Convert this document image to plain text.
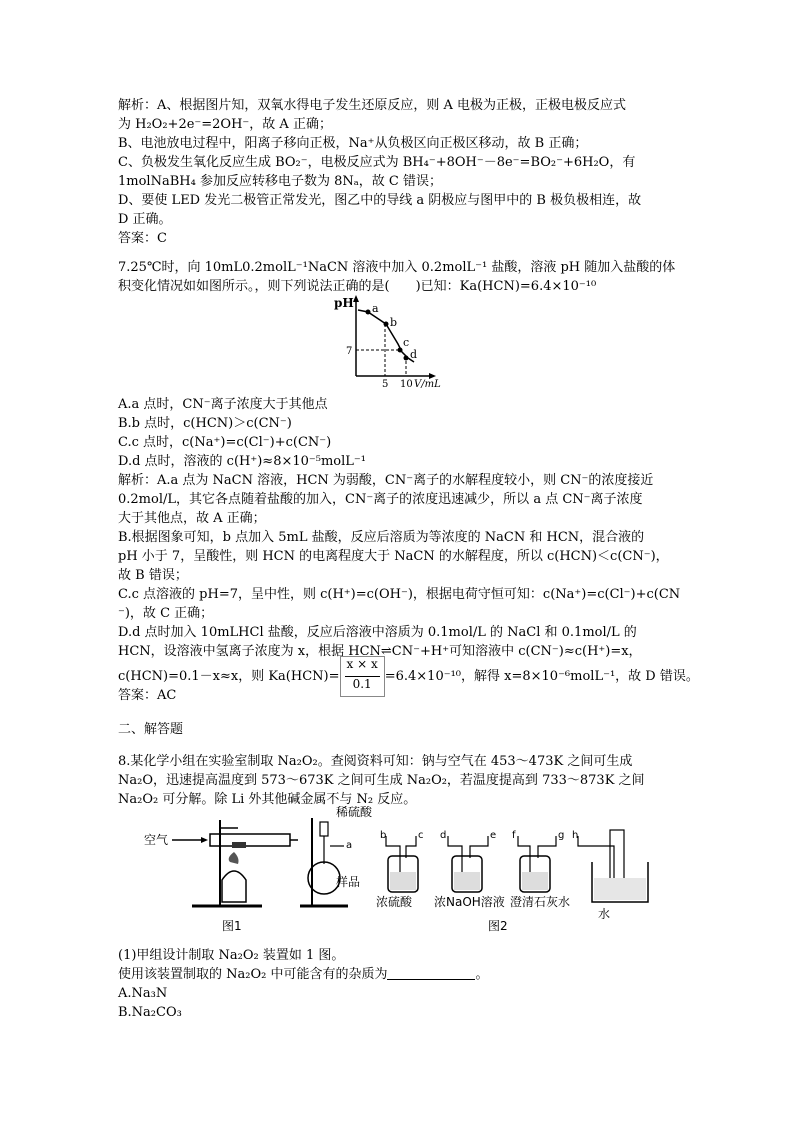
解析：A、根据图片知，双氧水得电子发生还原反应，则 A 电极为正极，正极电极反应式
为 H₂O₂+2e⁻=2OH⁻，故 A 正确；
B、电池放电过程中，阳离子移向正极，Na⁺从负极区向正极区移动，故 B 正确；
C、负极发生氧化反应生成 BO₂⁻，电极反应式为 BH₄⁻+8OH⁻－8e⁻=BO₂⁻+6H₂O，有
1molNaBH₄ 参加反应转移电子数为 8Nₐ，故 C 错误；
D、要使 LED 发光二极管正常发光，图乙中的导线 a 阴极应与图甲中的 B 极负极相连，故
D 正确。
答案：C
7.25℃时，向 10mL0.2molL⁻¹NaCN 溶液中加入 0.2molL⁻¹ 盐酸，溶液 pH 随加入盐酸的体
积变化情况如如图所示。，则下列说法正确的是(　　)已知：Ka(HCN)=6.4×10⁻¹⁰
pH
7
5 10 V/mL
a
b
c
d
A.a 点时，CN⁻离子浓度大于其他点
B.b 点时，c(HCN)＞c(CN⁻)
C.c 点时，c(Na⁺)=c(Cl⁻)+c(CN⁻)
D.d 点时，溶液的 c(H⁺)≈8×10⁻⁵molL⁻¹
解析：A.a 点为 NaCN 溶液，HCN 为弱酸，CN⁻离子的水解程度较小，则 CN⁻的浓度接近
0.2mol/L，其它各点随着盐酸的加入，CN⁻离子的浓度迅速减少，所以 a 点 CN⁻离子浓度
大于其他点，故 A 正确；
B.根据图象可知，b 点加入 5mL 盐酸，反应后溶质为等浓度的 NaCN 和 HCN，混合液的
pH 小于 7，呈酸性，则 HCN 的电离程度大于 NaCN 的水解程度，所以 c(HCN)＜c(CN⁻)，
故 B 错误；
C.c 点溶液的 pH=7，呈中性，则 c(H⁺)=c(OH⁻)，根据电荷守恒可知：c(Na⁺)=c(Cl⁻)+c(CN
⁻)，故 C 正确；
D.d 点时加入 10mLHCl 盐酸，反应后溶液中溶质为 0.1mol/L 的 NaCl 和 0.1mol/L 的
HCN，设溶液中氢离子浓度为 x，根据 HCN⇌CN⁻+H⁺可知溶液中 c(CN⁻)≈c(H⁺)=x，
c(HCN)=0.1－x≈x，则 $Ka(HCN)= \frac{x \times x}{0.1} =6.4\times 10^{-10}$，解得 x=8×10⁻⁶molL⁻¹，故 D 错误。
答案：AC
二、解答题
8.某化学小组在实验室制取 Na₂O₂。查阅资料可知：钠与空气在 453～473K 之间可生成
Na₂O，迅速提高温度到 573～673K 之间可生成 Na₂O₂，若温度提高到 733～873K 之间
Na₂O₂ 可分解。除 Li 外其他碱金属不与 N₂ 反应。
空气
图1
稀硫酸
a
样品
b	c
浓硫酸
d	e
浓NaOH溶液
f	g
澄清石灰水
h
水
图2
(1)甲组设计制取 Na₂O₂ 装置如 1 图。
使用该装置制取的 Na₂O₂ 中可能含有的杂质为	。
A.Na₃N
B.Na₂CO₃
